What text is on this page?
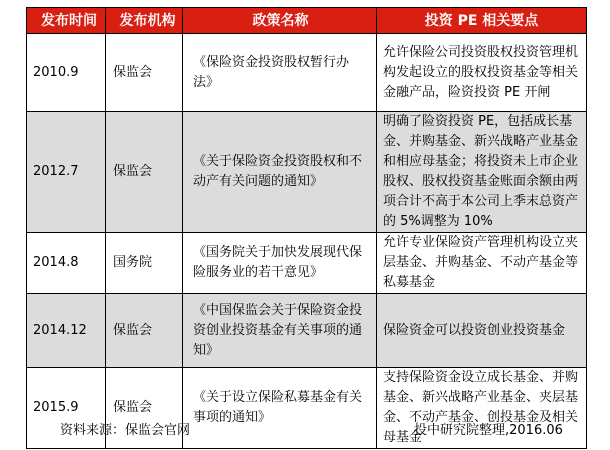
发布时间	发布机构	政策名称	投资 PE 相关要点
2010.9	保监会	《保险资金投资股权暂行办法》	允许保险公司投资股权投资管理机构发起设立的股权投资基金等相关金融产品，险资投资 PE 开闸
2012.7	保监会	《关于保险资金投资股权和不动产有关问题的通知》	明确了险资投资 PE，包括成长基金、并购基金、新兴战略产业基金和相应母基金；将投资未上市企业股权、股权投资基金账面余额由两项合计不高于本公司上季末总资产的 5%调整为 10%
2014.8	国务院	《国务院关于加快发展现代保险服务业的若干意见》	允许专业保险资产管理机构设立夹层基金、并购基金、不动产基金等私募基金
2014.12	保监会	《中国保监会关于保险资金投资创业投资基金有关事项的通知》	保险资金可以投资创业投资基金
2015.9	保监会	《关于设立保险私募基金有关事项的通知》	支持保险资金设立成长基金、并购基金、新兴战略产业基金、夹层基金、不动产基金、创投基金及相关母基金
资料来源：保监会官网	投中研究院整理,2016.06
